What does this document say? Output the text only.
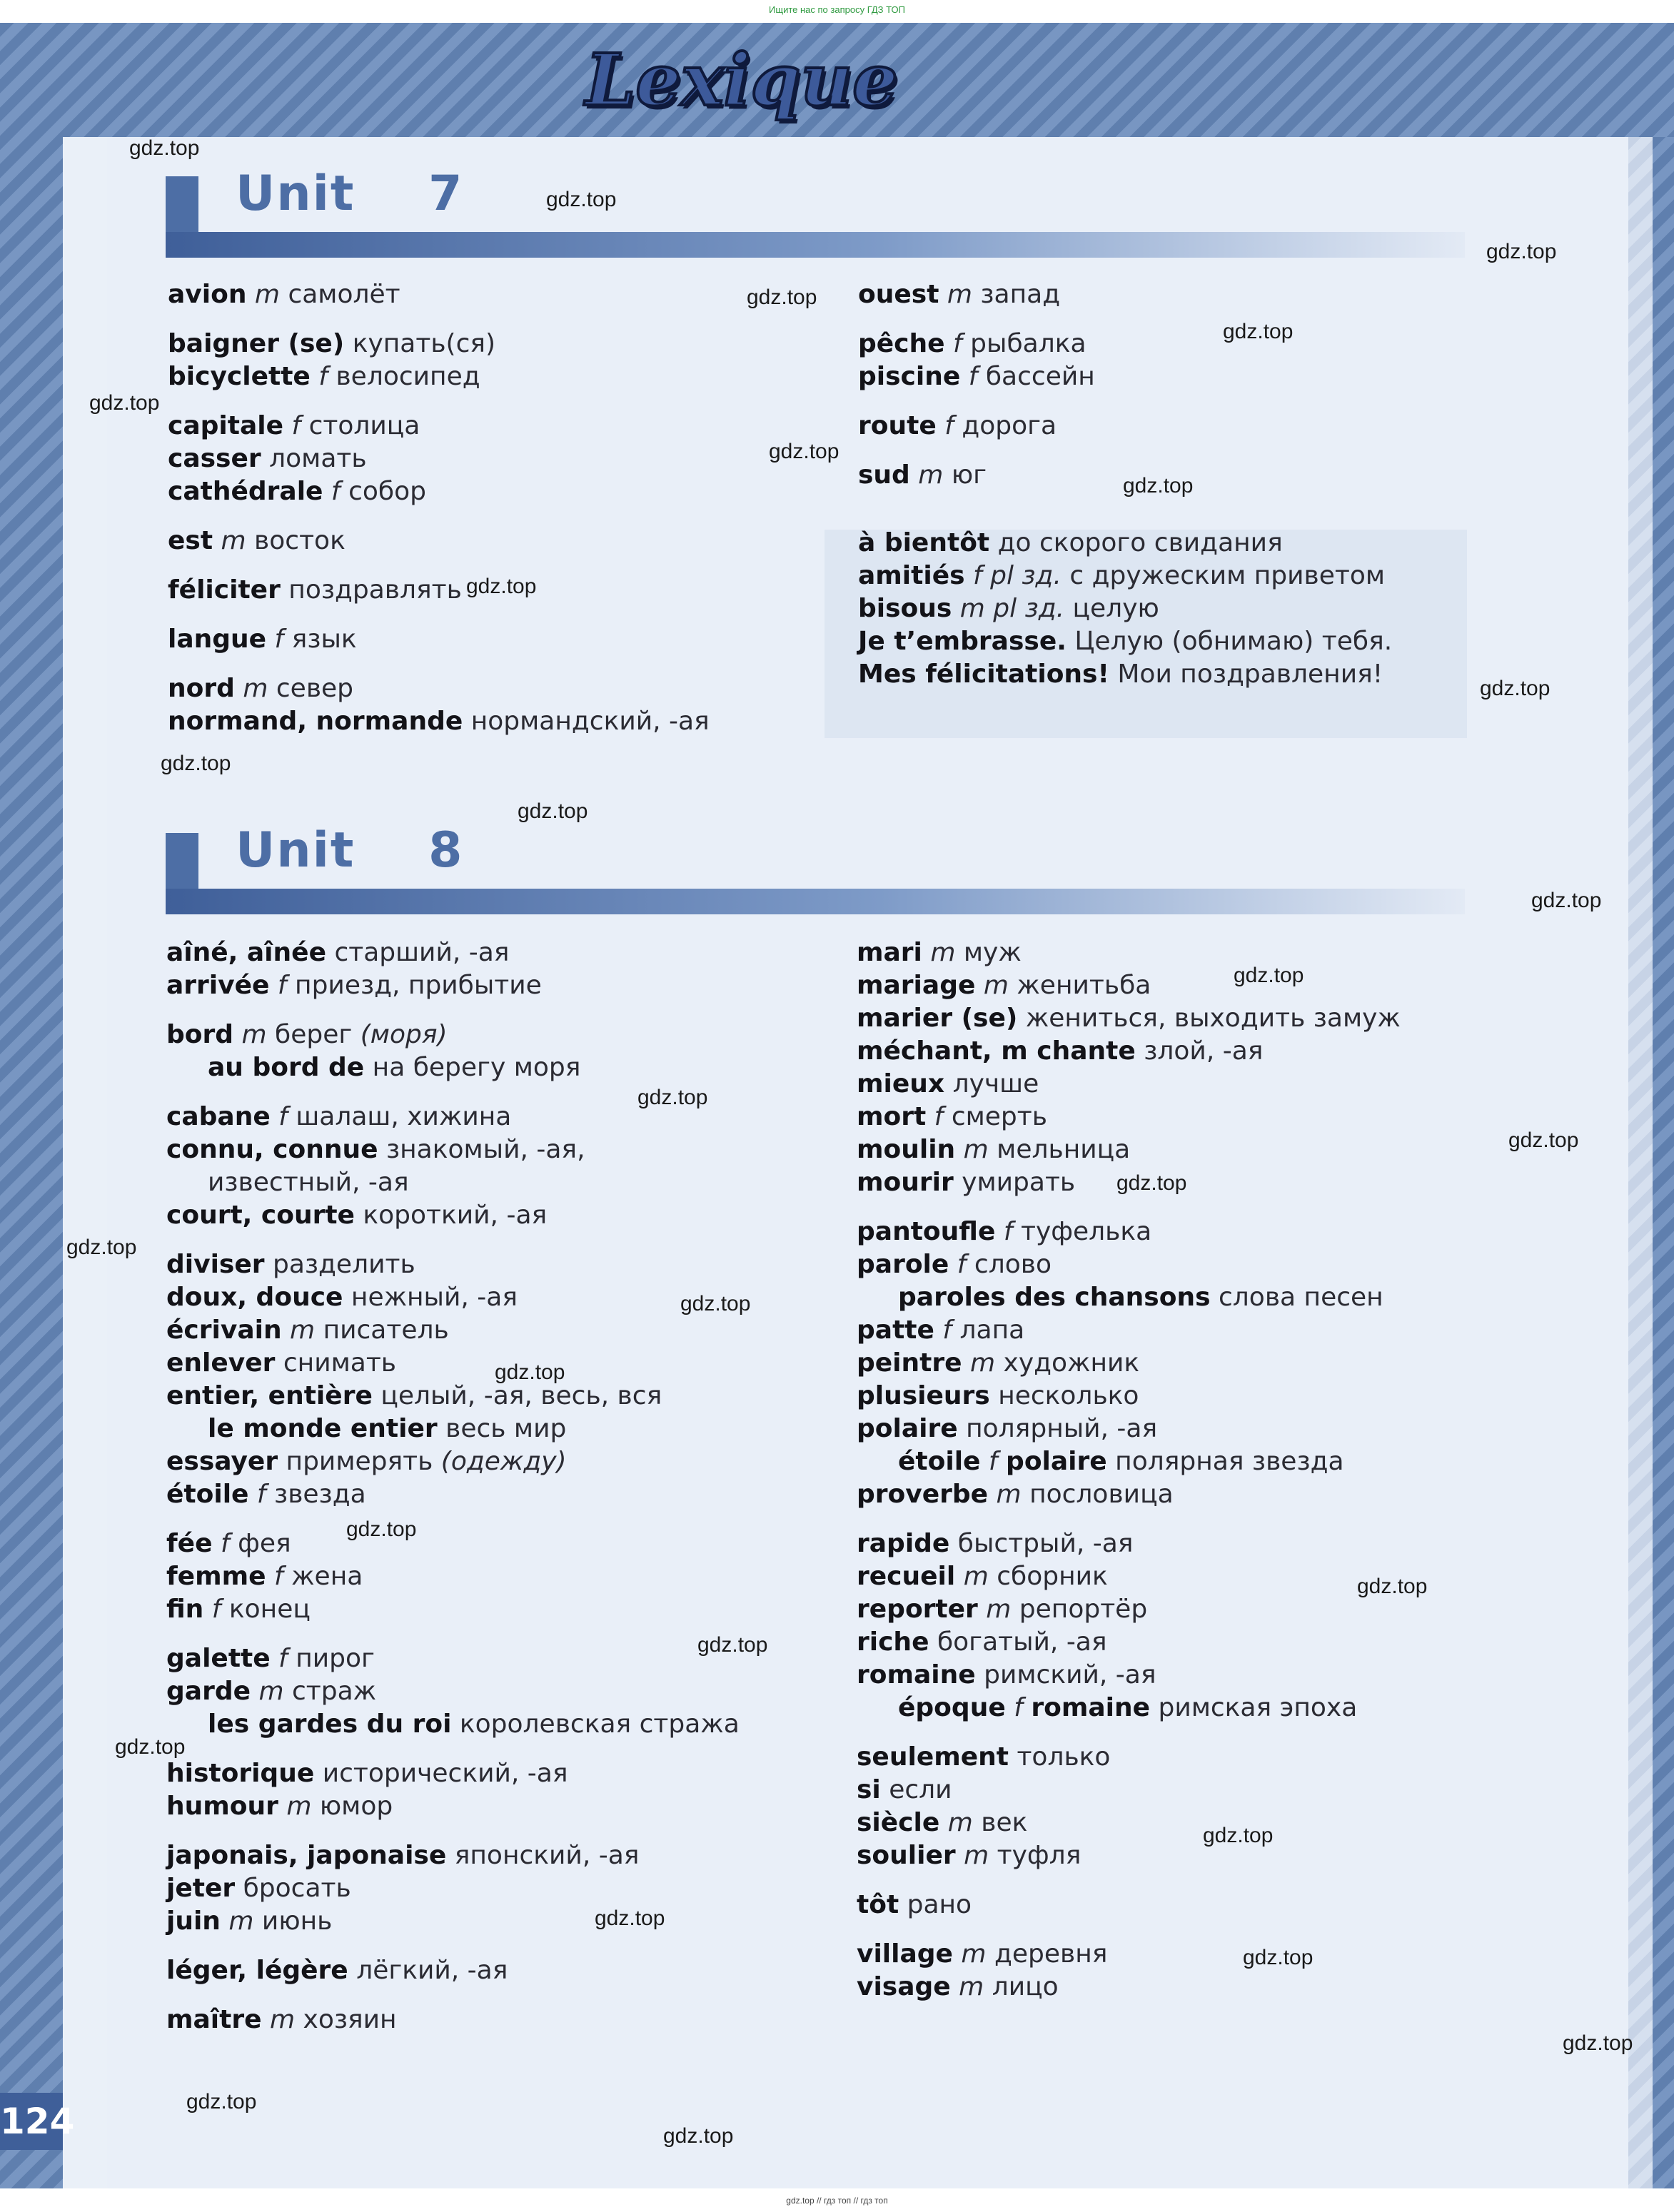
Ищите нас по запросу ГДЗ ТОП
Lexique
Unit    7
Unit    8
avion m самолёт
baigner (se) купать(ся)
bicyclette f велосипед
capitale f столица
casser ломать
cathédrale f собор
est m восток
féliciter поздравлять
langue f язык
nord m север
normand, normande нормандский, -ая
ouest m запад
pêche f рыбалка
piscine f бассейн
route f дорога
sud m юг
à bientôt до скорого свидания
amitiés f pl зд. с дружеским приветом
bisous m pl зд. целую
Je t’embrasse. Целую (обнимаю) тебя.
Mes félicitations! Мои поздравления!
aîné, aînée старший, -ая
arrivée f приезд, прибытие
bord m берег (моря)
au bord de на берегу моря
cabane f шалаш, хижина
connu, connue знакомый, -ая,
известный, -ая
court, courte короткий, -ая
diviser разделить
doux, douce нежный, -ая
écrivain m писатель
enlever снимать
entier, entière целый, -ая, весь, вся
le monde entier весь мир
essayer примерять (одежду)
étoile f звезда
fée f фея
femme f жена
fin f конец
galette f пирог
garde m страж
les gardes du roi королевская стража
historique исторический, -ая
humour m юмор
japonais, japonaise японский, -ая
jeter бросать
juin m июнь
léger, légère лёгкий, -ая
maître m хозяин
mari m муж
mariage m женитьба
marier (se) жениться, выходить замуж
méchant, m chante злой, -ая
mieux лучше
mort f смерть
moulin m мельница
mourir умирать
pantoufle f туфелька
parole f слово
paroles des chansons слова песен
patte f лапа
peintre m художник
plusieurs несколько
polaire полярный, -ая
étoile f polaire полярная звезда
proverbe m пословица
rapide быстрый, -ая
recueil m сборник
reporter m репортёр
riche богатый, -ая
romaine римский, -ая
époque f romaine римская эпоха
seulement только
si если
siècle m век
soulier m туфля
tôt рано
village m деревня
visage m лицо
124
gdz.top
gdz.top
gdz.top
gdz.top
gdz.top
gdz.top
gdz.top
gdz.top
gdz.top
gdz.top
gdz.top
gdz.top
gdz.top
gdz.top
gdz.top
gdz.top
gdz.top
gdz.top
gdz.top
gdz.top
gdz.top
gdz.top
gdz.top
gdz.top
gdz.top
gdz.top
gdz.top
gdz.top
gdz.top
gdz.top
gdz.top // гдз топ // гдз топ
